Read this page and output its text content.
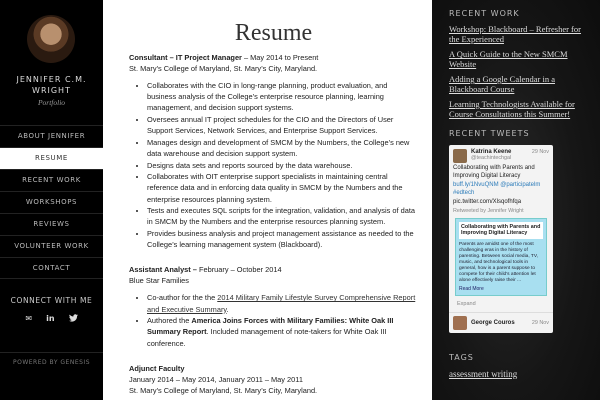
JENNIFER C.M.
WRIGHT
Portfolio
ABOUT JENNIFER
RESUME
RECENT WORK
WORKSHOPS
REVIEWS
VOLUNTEER WORK
CONTACT
CONNECT WITH ME
✉ in
POWERED BY GENESIS
Resume
Consultant – IT Project Manager – May 2014 to Present
St. Mary’s College of Maryland, St. Mary’s City, Maryland.
• Collaborates with the CIO in long-range planning, product evaluation, and business analysis of the College’s enterprise resource planning, learning management, and decision support systems.
• Oversees annual IT project schedules for the CIO and the Directors of User Support Services, Network Services, and Enterprise Support Services.
• Manages design and development of SMCM by the Numbers, the College’s new data warehouse and decision support system.
• Designs data sets and reports sourced by the data warehouse.
• Collaborates with OIT enterprise support specialists in maintaining central reference data and in enforcing data quality in SMCM by the Numbers and the enterprise resources planning system.
• Tests and executes SQL scripts for the integration, validation, and analysis of data in SMCM by the Numbers and the enterprise resources planning system.
• Provides business analysis and project management assistance as needed to the College’s learning management system (Blackboard).
Assistant Analyst – February – October 2014
Blue Star Families
• Co-author for the the 2014 Military Family Lifestyle Survey Comprehensive Report and Executive Summary.
• Authored the America Joins Forces with Military Families: White Oak III Summary Report. Included management of note-takers for White Oak III conference.
Adjunct Faculty
January 2014 – May 2014, January 2011 – May 2011
St. Mary’s College of Maryland, St. Mary’s City, Maryland.
RECENT WORK
Workshop: Blackboard – Refresher for the Experienced
A Quick Guide to the New SMCM Website
Adding a Google Calendar in a Blackboard Course
Learning Technologists Available for Course Consultations this Summer!
RECENT TWEETS
Katrina Keene
@teachintechgal
29 Nov
Collaborating with Parents and Improving Digital Literacy
buff.ly/1NvuQNM @participatelm #edtech
pic.twitter.com/Xlsqofhfqa
Retweeted by Jennifer Wright
Collaborating with Parents and Improving Digital Literacy
Parents are amidst one of the most challenging eras in the history of parenting. Between social media, TV, music, and technological tools in general, how is a parent suppose to compete for their child’s attention let alone effectively raise their ...
Read More
Expand
George Couros	29 Nov
TAGS
assessment writing
